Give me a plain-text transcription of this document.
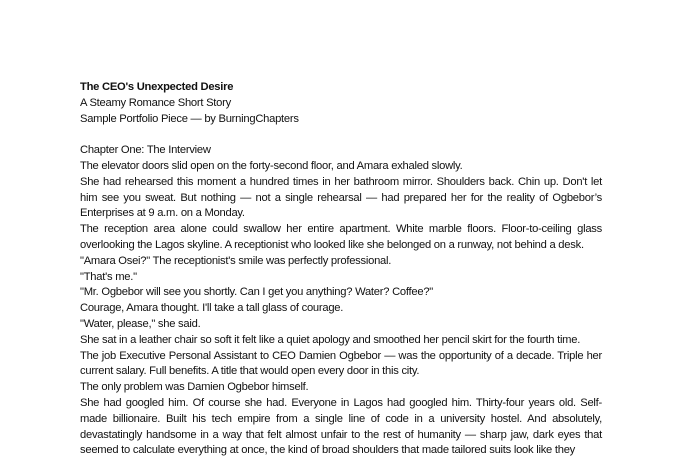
The CEO's Unexpected Desire

A Steamy Romance Short Story

Sample Portfolio Piece — by BurningChapters

Chapter One: The Interview

The elevator doors slid open on the forty-second floor, and Amara exhaled slowly.

She had rehearsed this moment a hundred times in her bathroom mirror. Shoulders back. Chin up. Don't let him see you sweat. But nothing — not a single rehearsal — had prepared her for the reality of Ogbebor’s Enterprises at 9 a.m. on a Monday.

The reception area alone could swallow her entire apartment. White marble floors. Floor-to-ceiling glass overlooking the Lagos skyline. A receptionist who looked like she belonged on a runway, not behind a desk.

"Amara Osei?" The receptionist's smile was perfectly professional.

"That's me."

"Mr. Ogbebor will see you shortly. Can I get you anything? Water? Coffee?"

Courage, Amara thought. I'll take a tall glass of courage.

"Water, please," she said.

She sat in a leather chair so soft it felt like a quiet apology and smoothed her pencil skirt for the fourth time.

The job Executive Personal Assistant to CEO Damien Ogbebor — was the opportunity of a decade. Triple her current salary. Full benefits. A title that would open every door in this city.

The only problem was Damien Ogbebor himself.

She had googled him. Of course she had. Everyone in Lagos had googled him. Thirty-four years old. Self-made billionaire. Built his tech empire from a single line of code in a university hostel. And absolutely, devastatingly handsome in a way that felt almost unfair to the rest of humanity — sharp jaw, dark eyes that seemed to calculate everything at once, the kind of broad shoulders that made tailored suits look like they
